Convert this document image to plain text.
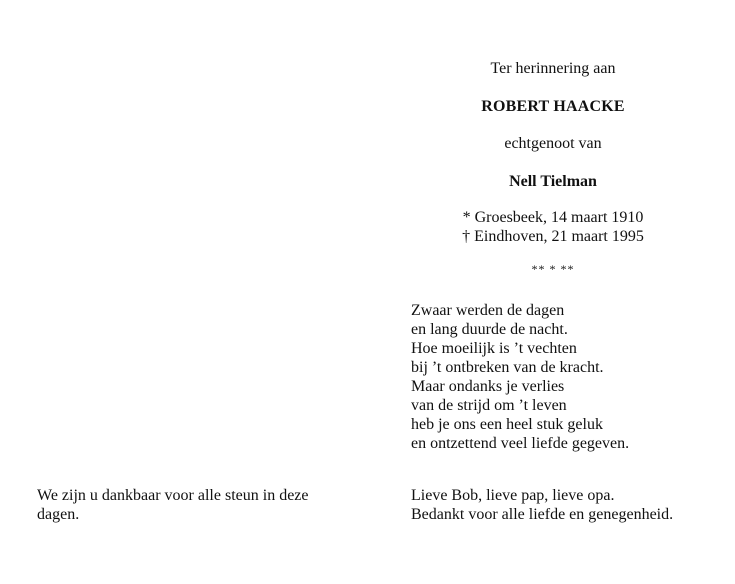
Ter herinnering aan
ROBERT HAACKE
echtgenoot van
Nell Tielman
* Groesbeek, 14 maart 1910
† Eindhoven, 21 maart 1995
** * **
Zwaar werden de dagen
en lang duurde de nacht.
Hoe moeilijk is ’t vechten
bij ’t ontbreken van de kracht.
Maar ondanks je verlies
van de strijd om ’t leven
heb je ons een heel stuk geluk
en ontzettend veel liefde gegeven.
We zijn u dankbaar voor alle steun in deze dagen.
Lieve Bob, lieve pap, lieve opa.
Bedankt voor alle liefde en genegenheid.
